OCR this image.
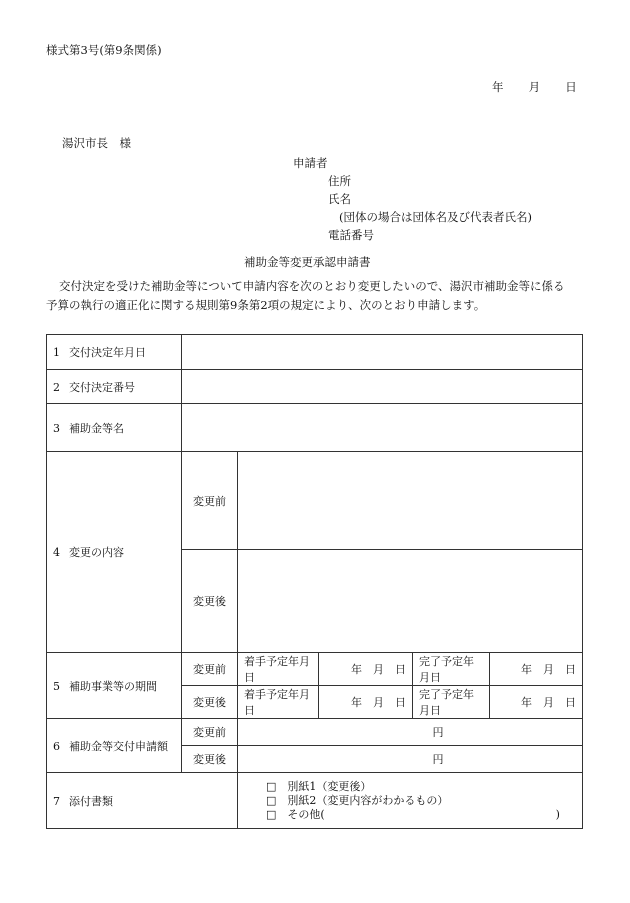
様式第3号(第9条関係)
年 　月 　日
湯沢市長　様
申請者
住所
氏名
(団体の場合は団体名及び代表者氏名)
電話番号
補助金等変更承認申請書
交付決定を受けた補助金等について申請内容を次のとおり変更したいので、湯沢市補助金等に係る
予算の執行の適正化に関する規則第9条第2項の規定により、次のとおり申請します。
1 交付決定年月日					
2 交付決定番号					
3 補助金等名					
4 変更の内容	変更前				
	変更後				
5 補助事業等の期間	変更前	着手予定年月日	年　月　日	完了予定年月日	年　月　日
	変更後	着手予定年月日	年　月　日	完了予定年月日	年　月　日
6 補助金等交付申請額	変更前	円			
	変更後	円			
7 添付書類		□　別紙1（変更後）
□　別紙2（変更内容がわかるもの）
□　その他(　　　　　　　　　　　　　　　　　　　　　)			
